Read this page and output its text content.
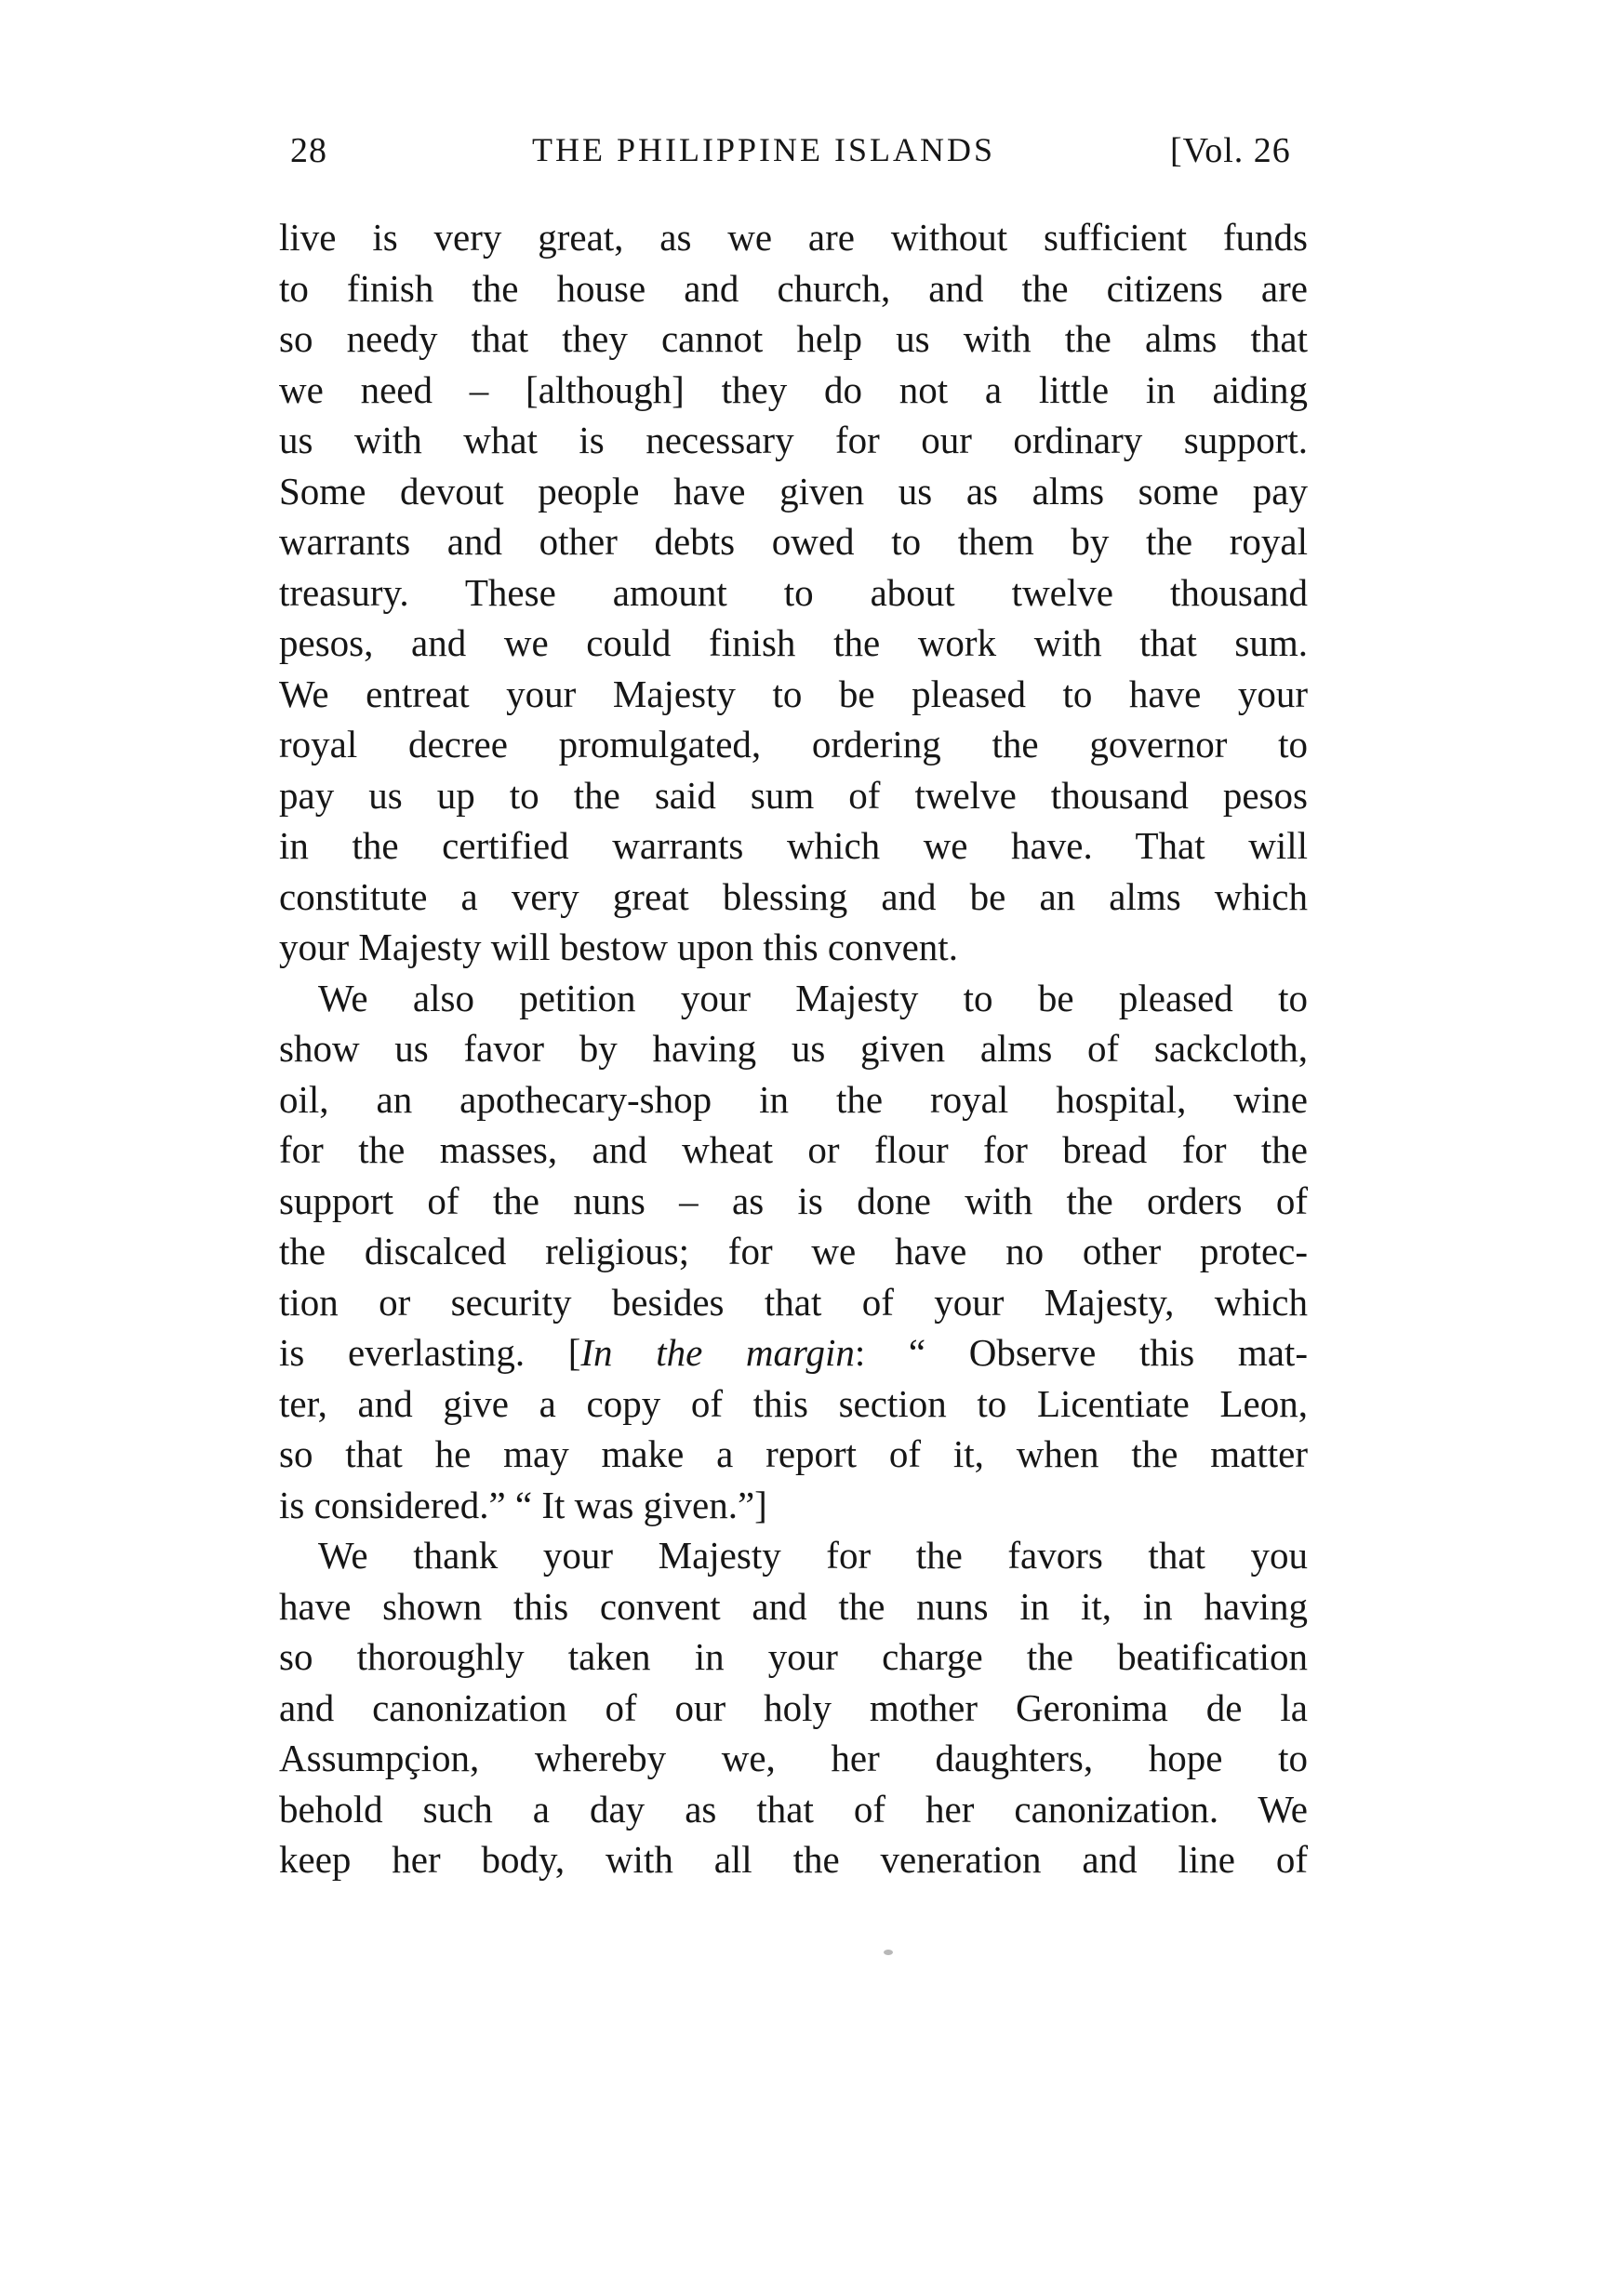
28	THE PHILIPPINE ISLANDS	[Vol. 26
live is very great, as we are without sufficient funds
to finish the house and church, and the citizens are
so needy that they cannot help us with the alms that
we need – [although] they do not a little in aiding
us with what is necessary for our ordinary support.
Some devout people have given us as alms some pay
warrants and other debts owed to them by the royal
treasury. These amount to about twelve thousand
pesos, and we could finish the work with that sum.
We entreat your Majesty to be pleased to have your
royal decree promulgated, ordering the governor to
pay us up to the said sum of twelve thousand pesos
in the certified warrants which we have. That will
constitute a very great blessing and be an alms which
your Majesty will bestow upon this convent.
We also petition your Majesty to be pleased to
show us favor by having us given alms of sackcloth,
oil, an apothecary-shop in the royal hospital, wine
for the masses, and wheat or flour for bread for the
support of the nuns – as is done with the orders of
the discalced religious; for we have no other protec-
tion or security besides that of your Majesty, which
is everlasting. [In the margin: “ Observe this mat-
ter, and give a copy of this section to Licentiate Leon,
so that he may make a report of it, when the matter
is considered.” “ It was given.”]
We thank your Majesty for the favors that you
have shown this convent and the nuns in it, in having
so thoroughly taken in your charge the beatification
and canonization of our holy mother Geronima de la
Assumpçion, whereby we, her daughters, hope to
behold such a day as that of her canonization. We
keep her body, with all the veneration and line of
